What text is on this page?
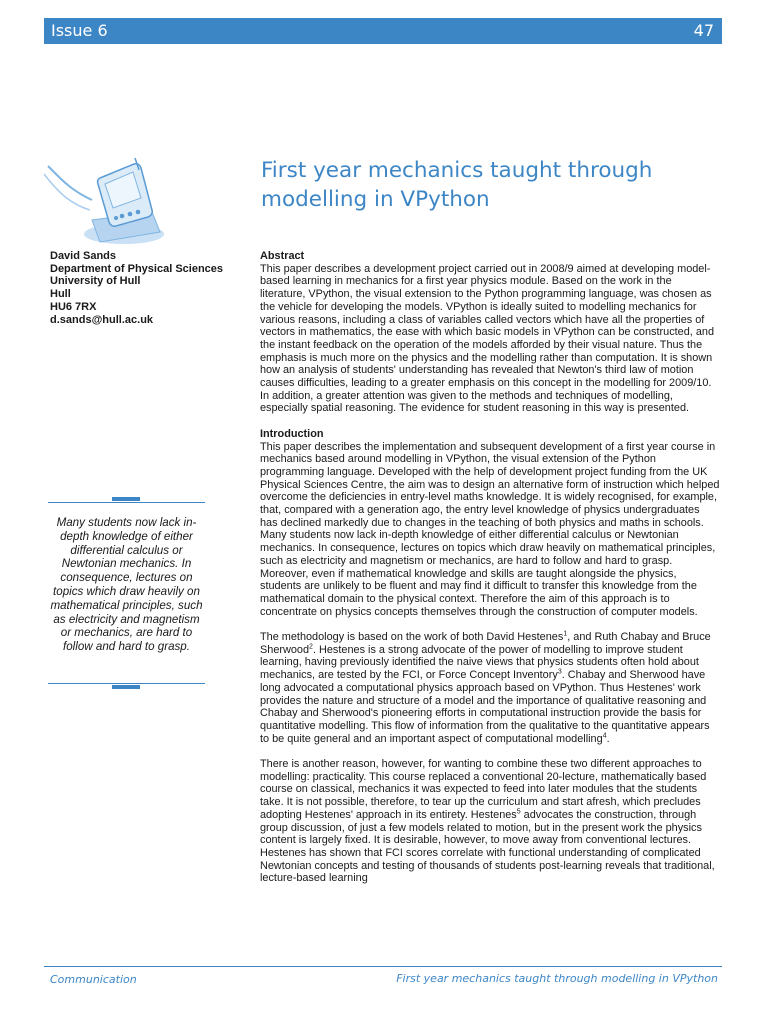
Issue 6	47
First year mechanics taught through modelling in VPython
David Sands
Department of Physical Sciences
University of Hull
Hull
HU6 7RX
d.sands@hull.ac.uk
Many students now lack in-depth knowledge of either differential calculus or Newtonian mechanics. In consequence, lectures on topics which draw heavily on mathematical principles, such as electricity and magnetism or mechanics, are hard to follow and hard to grasp.
Abstract

This paper describes a development project carried out in 2008/9 aimed at developing model-based learning in mechanics for a first year physics module. Based on the work in the literature, VPython, the visual extension to the Python programming language, was chosen as the vehicle for developing the models. VPython is ideally suited to modelling mechanics for various reasons, including a class of variables called vectors which have all the properties of vectors in mathematics, the ease with which basic models in VPython can be constructed, and the instant feedback on the operation of the models afforded by their visual nature. Thus the emphasis is much more on the physics and the modelling rather than computation. It is shown how an analysis of students' understanding has revealed that Newton's third law of motion causes difficulties, leading to a greater emphasis on this concept in the modelling for 2009/10. In addition, a greater attention was given to the methods and techniques of modelling, especially spatial reasoning. The evidence for student reasoning in this way is presented.

Introduction

This paper describes the implementation and subsequent development of a first year course in mechanics based around modelling in VPython, the visual extension of the Python programming language. Developed with the help of development project funding from the UK Physical Sciences Centre, the aim was to design an alternative form of instruction which helped overcome the deficiencies in entry-level maths knowledge. It is widely recognised, for example, that, compared with a generation ago, the entry level knowledge of physics undergraduates has declined markedly due to changes in the teaching of both physics and maths in schools. Many students now lack in-depth knowledge of either differential calculus or Newtonian mechanics. In consequence, lectures on topics which draw heavily on mathematical principles, such as electricity and magnetism or mechanics, are hard to follow and hard to grasp. Moreover, even if mathematical knowledge and skills are taught alongside the physics, students are unlikely to be fluent and may find it difficult to transfer this knowledge from the mathematical domain to the physical context. Therefore the aim of this approach is to concentrate on physics concepts themselves through the construction of computer models.

The methodology is based on the work of both David Hestenes$^1$, and Ruth Chabay and Bruce Sherwood$^2$. Hestenes is a strong advocate of the power of modelling to improve student learning, having previously identified the naive views that physics students often hold about mechanics, are tested by the FCI, or Force Concept Inventory$^3$. Chabay and Sherwood have long advocated a computational physics approach based on VPython. Thus Hestenes' work provides the nature and structure of a model and the importance of qualitative reasoning and Chabay and Sherwood's pioneering efforts in computational instruction provide the basis for quantitative modelling. This flow of information from the qualitative to the quantitative appears to be quite general and an important aspect of computational modelling$^4$.

There is another reason, however, for wanting to combine these two different approaches to modelling: practicality. This course replaced a conventional 20-lecture, mathematically based course on classical, mechanics it was expected to feed into later modules that the students take. It is not possible, therefore, to tear up the curriculum and start afresh, which precludes adopting Hestenes' approach in its entirety. Hestenes$^5$ advocates the construction, through group discussion, of just a few models related to motion, but in the present work the physics content is largely fixed. It is desirable, however, to move away from conventional lectures. Hestenes has shown that FCI scores correlate with functional understanding of complicated Newtonian concepts and testing of thousands of students post-learning reveals that traditional, lecture-based learning

Communication	First year mechanics taught through modelling in VPython
